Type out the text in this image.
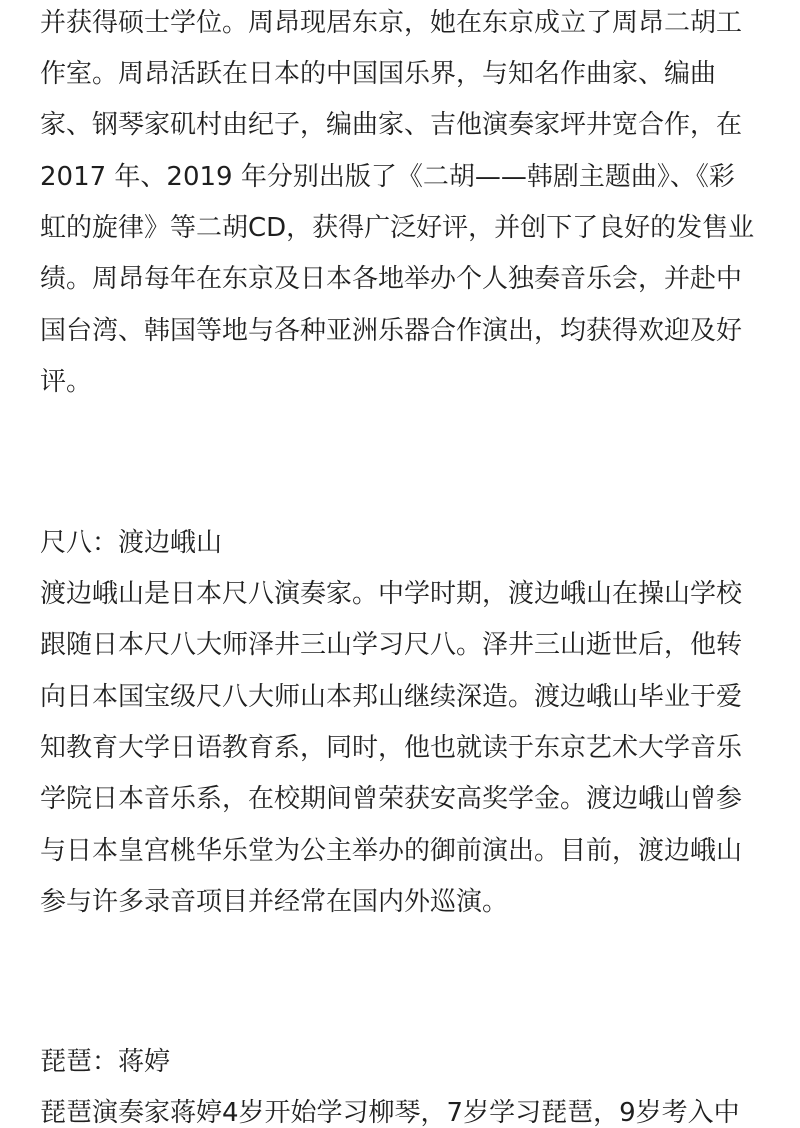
并获得硕士学位。周昂现居东京，她在东京成立了周昂二胡工
作室。周昂活跃在日本的中国国乐界，与知名作曲家、编曲
家、钢琴家矶村由纪子，编曲家、吉他演奏家坪井宽合作，在
2017 年、2019 年分别出版了《二胡——韩剧主题曲》、《彩
虹的旋律》等二胡CD，获得广泛好评，并创下了良好的发售业
绩。周昂每年在东京及日本各地举办个人独奏音乐会，并赴中
国台湾、韩国等地与各种亚洲乐器合作演出，均获得欢迎及好
评。
尺八：渡边峨山
渡边峨山是日本尺八演奏家。中学时期，渡边峨山在操山学校
跟随日本尺八大师泽井三山学习尺八。泽井三山逝世后，他转
向日本国宝级尺八大师山本邦山继续深造。渡边峨山毕业于爱
知教育大学日语教育系，同时，他也就读于东京艺术大学音乐
学院日本音乐系，在校期间曾荣获安高奖学金。渡边峨山曾参
与日本皇宫桃华乐堂为公主举办的御前演出。目前，渡边峨山
参与许多录音项目并经常在国内外巡演。
琵琶：蒋婷
琵琶演奏家蒋婷4岁开始学习柳琴，7岁学习琵琶，9岁考入中
